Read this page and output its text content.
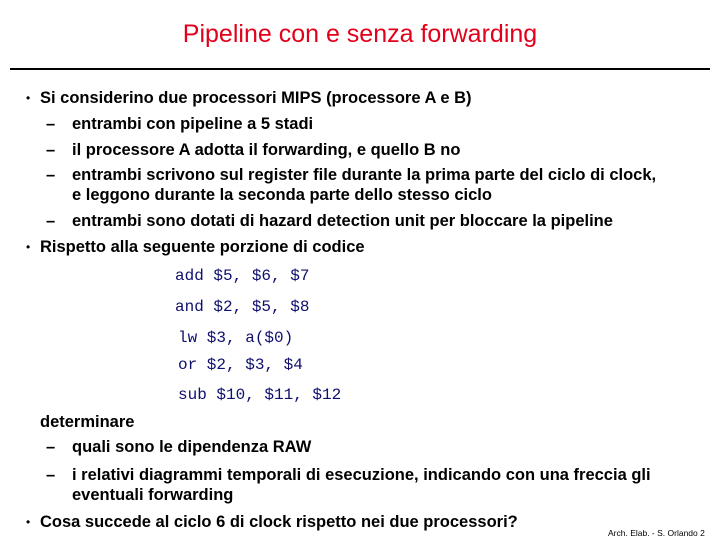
Pipeline con e senza forwarding
• Si considerino due processori MIPS (processore A e B)
– entrambi con pipeline a 5 stadi
– il processore A adotta il forwarding, e quello B no
– entrambi scrivono sul register file durante la prima parte del ciclo di clock,
e leggono durante la seconda parte dello stesso ciclo
– entrambi sono dotati di hazard detection unit per bloccare la pipeline
• Rispetto alla seguente porzione di codice
add $5, $6, $7
and $2, $5, $8
lw $3, a($0)
or $2, $3, $4
sub $10, $11, $12
determinare
– quali sono le dipendenza RAW
– i relativi diagrammi temporali di esecuzione, indicando con una freccia gli
eventuali forwarding
• Cosa succede al ciclo 6 di clock rispetto nei due processori?
Arch. Elab. - S. Orlando 2
